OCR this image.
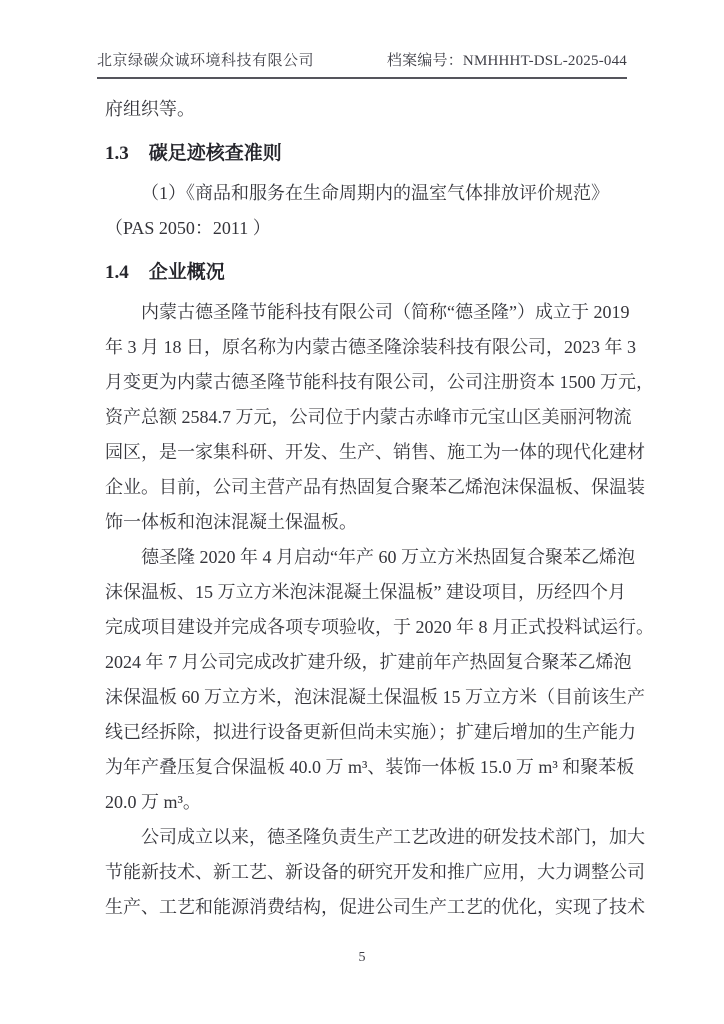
北京绿碳众诚环境科技有限公司	档案编号：NMHHHT-DSL-2025-044
府组织等。
1.3 碳足迹核查准则
（1）《商品和服务在生命周期内的温室气体排放评价规范》
（PAS 2050：2011 ）
1.4 企业概况
内蒙古德圣隆节能科技有限公司（简称“德圣隆”）成立于 2019
年 3 月 18 日，原名称为内蒙古德圣隆涂装科技有限公司，2023 年 3
月变更为内蒙古德圣隆节能科技有限公司，公司注册资本 1500 万元，
资产总额 2584.7 万元，公司位于内蒙古赤峰市元宝山区美丽河物流
园区，是一家集科研、开发、生产、销售、施工为一体的现代化建材
企业。目前，公司主营产品有热固复合聚苯乙烯泡沫保温板、保温装
饰一体板和泡沫混凝土保温板。
德圣隆 2020 年 4 月启动“年产 60 万立方米热固复合聚苯乙烯泡
沫保温板、15 万立方米泡沫混凝土保温板” 建设项目，历经四个月
完成项目建设并完成各项专项验收，于 2020 年 8 月正式投料试运行。
2024 年 7 月公司完成改扩建升级，扩建前年产热固复合聚苯乙烯泡
沫保温板 60 万立方米，泡沫混凝土保温板 15 万立方米（目前该生产
线已经拆除，拟进行设备更新但尚未实施）；扩建后增加的生产能力
为年产叠压复合保温板 40.0 万 m³、装饰一体板 15.0 万 m³ 和聚苯板
20.0 万 m³。
公司成立以来，德圣隆负责生产工艺改进的研发技术部门，加大
节能新技术、新工艺、新设备的研究开发和推广应用，大力调整公司
生产、工艺和能源消费结构，促进公司生产工艺的优化，实现了技术
5
